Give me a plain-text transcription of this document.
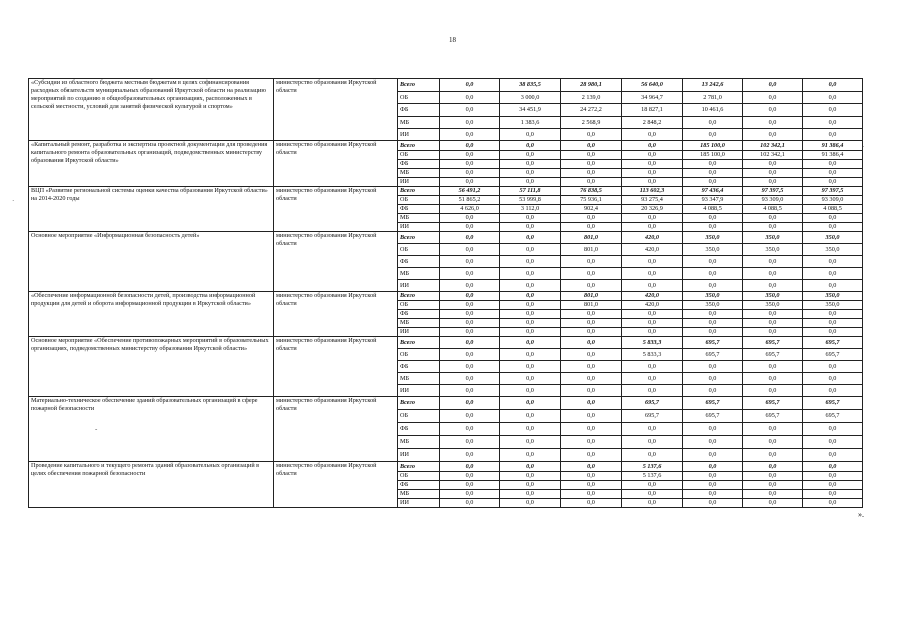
18
«Субсидии из областного бюджета местным бюджетам в целях софинансирования расходных обязательств муниципальных образований Иркутской области на реализацию мероприятий по созданию в общеобразовательных организациях, расположенных в сельской местности, условий для занятий физической культурой и спортом»	министерство образования Иркутской области	Всего	0,0	38 835,5	28 980,1	56 640,0	13 242,6	0,0	0,0
		ОБ	0,0	3 000,0	2 139,0	34 964,7	2 781,0	0,0	0,0
		ФБ	0,0	34 451,9	24 272,2	18 827,1	10 461,6	0,0	0,0
		МБ	0,0	1 383,6	2 568,9	2 848,2	0,0	0,0	0,0
		ИИ	0,0	0,0	0,0	0,0	0,0	0,0	0,0
«Капитальный ремонт, разработка и экспертиза проектной документации для проведения капитального ремонта образовательных организаций, подведомственных министерству образования Иркутской области»	министерство образования Иркутской области	Всего	0,0	0,0	0,0	0,0	185 100,0	102 342,1	91 386,4
		ОБ	0,0	0,0	0,0	0,0	185 100,0	102 342,1	91 386,4
		ФБ	0,0	0,0	0,0	0,0	0,0	0,0	0,0
		МБ	0,0	0,0	0,0	0,0	0,0	0,0	0,0
		ИИ	0,0	0,0	0,0	0,0	0,0	0,0	0,0
ВЦП «Развитие региональной системы оценки качества образования Иркутской области» на 2014-2020 годы	министерство образования Иркутской области	Всего	56 491,2	57 111,8	76 838,5	113 602,3	97 436,4	97 397,5	97 397,5
		ОБ	51 865,2	53 999,8	75 936,1	93 275,4	93 347,9	93 309,0	93 309,0
		ФБ	4 626,0	3 112,0	902,4	20 326,9	4 088,5	4 088,5	4 088,5
		МБ	0,0	0,0	0,0	0,0	0,0	0,0	0,0
		ИИ	0,0	0,0	0,0	0,0	0,0	0,0	0,0
Основное мероприятие «Информационная безопасность детей»	министерство образования Иркутской области	Всего	0,0	0,0	801,0	420,0	350,0	350,0	350,0
		ОБ	0,0	0,0	801,0	420,0	350,0	350,0	350,0
		ФБ	0,0	0,0	0,0	0,0	0,0	0,0	0,0
		МБ	0,0	0,0	0,0	0,0	0,0	0,0	0,0
		ИИ	0,0	0,0	0,0	0,0	0,0	0,0	0,0
«Обеспечение информационной безопасности детей, производства информационной продукции для детей и оборота информационной продукции в Иркутской области»	министерство образования Иркутской области	Всего	0,0	0,0	801,0	420,0	350,0	350,0	350,0
		ОБ	0,0	0,0	801,0	420,0	350,0	350,0	350,0
		ФБ	0,0	0,0	0,0	0,0	0,0	0,0	0,0
		МБ	0,0	0,0	0,0	0,0	0,0	0,0	0,0
		ИИ	0,0	0,0	0,0	0,0	0,0	0,0	0,0
Основное мероприятие «Обеспечение противопожарных мероприятий в образовательных организациях, подведомственных министерству образования Иркутской области»	министерство образования Иркутской области	Всего	0,0	0,0	0,0	5 833,3	695,7	695,7	695,7
		ОБ	0,0	0,0	0,0	5 833,3	695,7	695,7	695,7
		ФБ	0,0	0,0	0,0	0,0	0,0	0,0	0,0
		МБ	0,0	0,0	0,0	0,0	0,0	0,0	0,0
		ИИ	0,0	0,0	0,0	0,0	0,0	0,0	0,0
Материально-техническое обеспечение зданий образовательных организаций в сфере пожарной безопасности	министерство образования Иркутской области	Всего	0,0	0,0	0,0	695,7	695,7	695,7	695,7
		ОБ	0,0	0,0	0,0	695,7	695,7	695,7	695,7
		ФБ	0,0	0,0	0,0	0,0	0,0	0,0	0,0
		МБ	0,0	0,0	0,0	0,0	0,0	0,0	0,0
		ИИ	0,0	0,0	0,0	0,0	0,0	0,0	0,0
Проведение капитального и текущего ремонта зданий образовательных организаций в целях обеспечения пожарной безопасности	министерство образования Иркутской области	Всего	0,0	0,0	0,0	5 137,6	0,0	0,0	0,0
		ОБ	0,0	0,0	0,0	5 137,6	0,0	0,0	0,0
		ФБ	0,0	0,0	0,0	0,0	0,0	0,0	0,0
		МБ	0,0	0,0	0,0	0,0	0,0	0,0	0,0
		ИИ	0,0	0,0	0,0	0,0	0,0	0,0	0,0
».
·
·
-
